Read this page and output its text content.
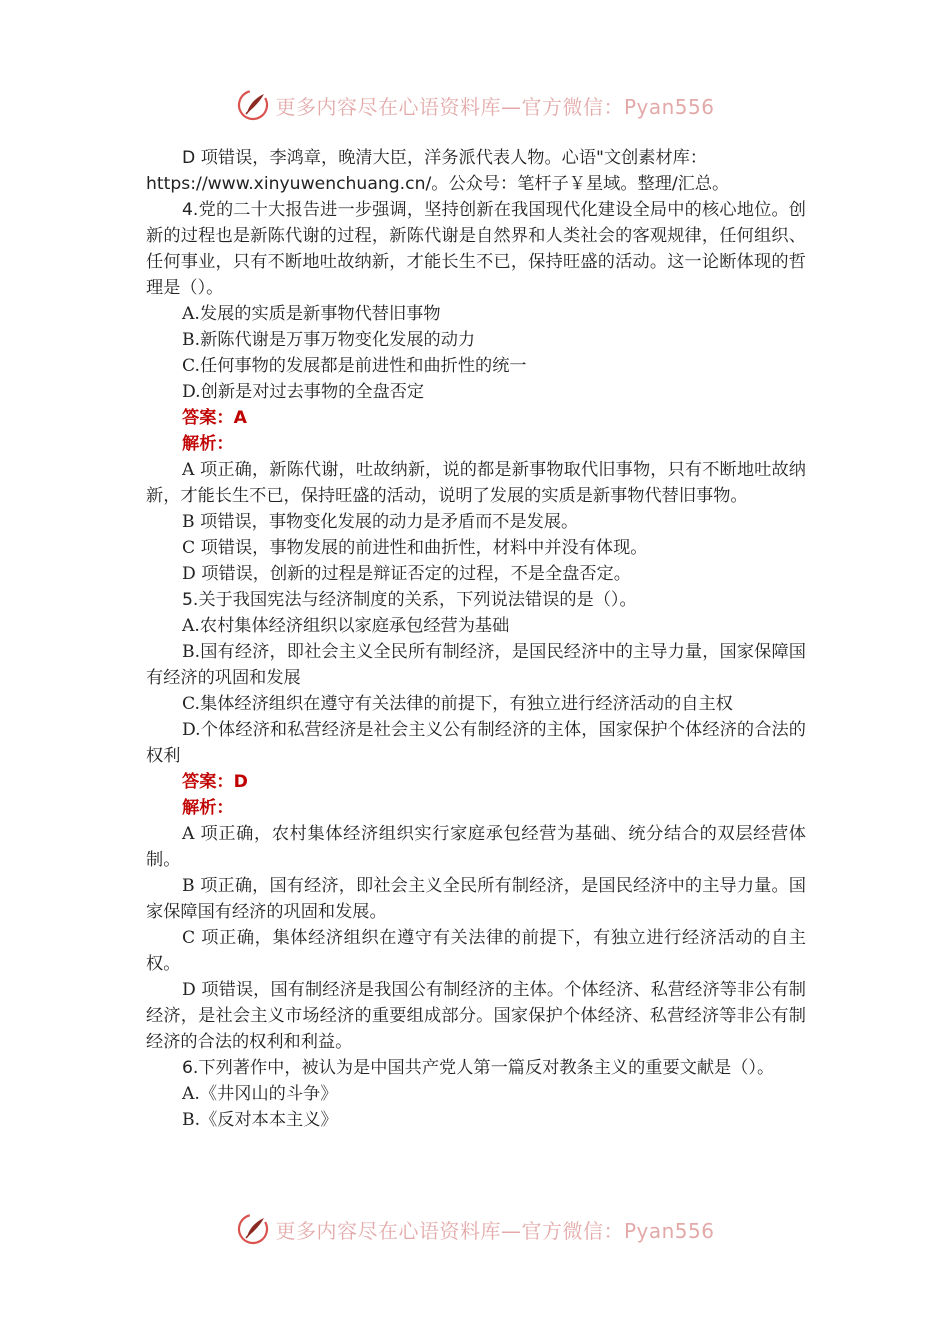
更多内容尽在心语资料库—官方微信：Pyan556

D 项错误，李鸿章，晚清大臣，洋务派代表人物。心语"文创素材库：

https://www.xinyuwenchuang.cn/。公众号：笔杆子￥星域。整理/汇总。

4.党的二十大报告进一步强调，坚持创新在我国现代化建设全局中的核心地位。创新的过程也是新陈代谢的过程，新陈代谢是自然界和人类社会的客观规律，任何组织、任何事业，只有不断地吐故纳新，才能长生不已，保持旺盛的活动。这一论断体现的哲理是（）。

A.发展的实质是新事物代替旧事物

B.新陈代谢是万事万物变化发展的动力

C.任何事物的发展都是前进性和曲折性的统一

D.创新是对过去事物的全盘否定

答案：A

解析：

A 项正确，新陈代谢，吐故纳新，说的都是新事物取代旧事物，只有不断地吐故纳新，才能长生不已，保持旺盛的活动，说明了发展的实质是新事物代替旧事物。

B 项错误，事物变化发展的动力是矛盾而不是发展。

C 项错误，事物发展的前进性和曲折性，材料中并没有体现。

D 项错误，创新的过程是辩证否定的过程，不是全盘否定。

5.关于我国宪法与经济制度的关系，下列说法错误的是（）。

A.农村集体经济组织以家庭承包经营为基础

B.国有经济，即社会主义全民所有制经济，是国民经济中的主导力量，国家保障国有经济的巩固和发展

C.集体经济组织在遵守有关法律的前提下，有独立进行经济活动的自主权

D.个体经济和私营经济是社会主义公有制经济的主体，国家保护个体经济的合法的权利

答案：D

解析：

A 项正确，农村集体经济组织实行家庭承包经营为基础、统分结合的双层经营体制。

B 项正确，国有经济，即社会主义全民所有制经济，是国民经济中的主导力量。国家保障国有经济的巩固和发展。

C 项正确，集体经济组织在遵守有关法律的前提下，有独立进行经济活动的自主权。

D 项错误，国有制经济是我国公有制经济的主体。个体经济、私营经济等非公有制经济，是社会主义市场经济的重要组成部分。国家保护个体经济、私营经济等非公有制经济的合法的权利和利益。

6.下列著作中，被认为是中国共产党人第一篇反对教条主义的重要文献是（）。

A.《井冈山的斗争》

B.《反对本本主义》

更多内容尽在心语资料库—官方微信：Pyan556
